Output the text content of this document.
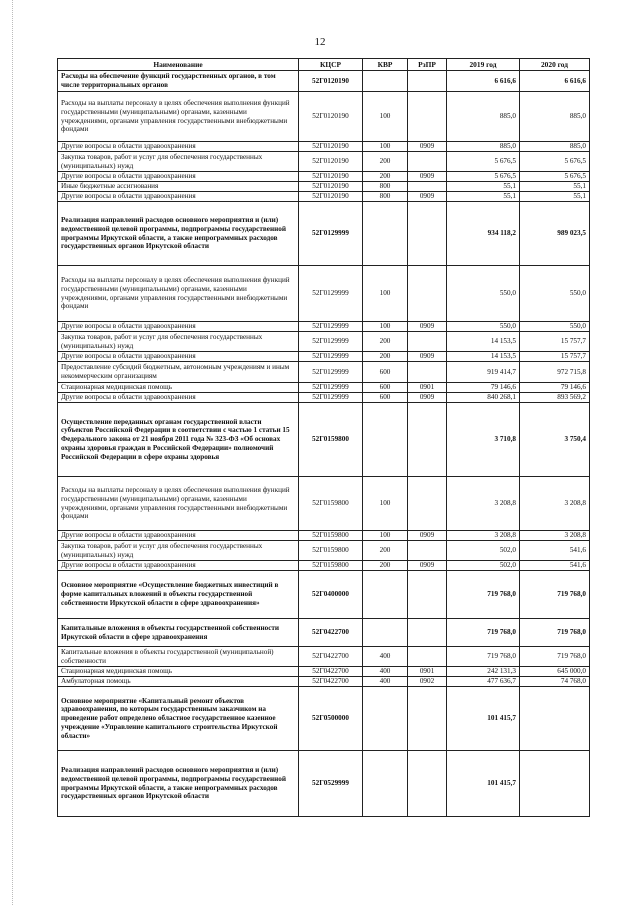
12
Наименование	КЦСР	КВР	РзПР	2019 год	2020 год
Расходы на обеспечение функций государственных органов, в том числе территориальных органов	52Г0120190			6 616,6	6 616,6
Расходы на выплаты персоналу в целях обеспечения выполнения функций государственными (муниципальными) органами, казенными учреждениями, органами управления государственными внебюджетными фондами	52Г0120190	100		885,0	885,0
Другие вопросы в области здравоохранения	52Г0120190	100	0909	885,0	885,0
Закупка товаров, работ и услуг для обеспечения государственных (муниципальных) нужд	52Г0120190	200		5 676,5	5 676,5
Другие вопросы в области здравоохранения	52Г0120190	200	0909	5 676,5	5 676,5
Иные бюджетные ассигнования	52Г0120190	800		55,1	55,1
Другие вопросы в области здравоохранения	52Г0120190	800	0909	55,1	55,1
Реализация направлений расходов основного мероприятия и (или) ведомственной целевой программы, подпрограммы государственной программы Иркутской области, а также непрограммных расходов государственных органов Иркутской области	52Г0129999			934 118,2	989 023,5
Расходы на выплаты персоналу в целях обеспечения выполнения функций государственными (муниципальными) органами, казенными учреждениями, органами управления государственными внебюджетными фондами	52Г0129999	100		550,0	550,0
Другие вопросы в области здравоохранения	52Г0129999	100	0909	550,0	550,0
Закупка товаров, работ и услуг для обеспечения государственных (муниципальных) нужд	52Г0129999	200		14 153,5	15 757,7
Другие вопросы в области здравоохранения	52Г0129999	200	0909	14 153,5	15 757,7
Предоставление субсидий бюджетным, автономным учреждениям и иным некоммерческим организациям	52Г0129999	600		919 414,7	972 715,8
Стационарная медицинская помощь	52Г0129999	600	0901	79 146,6	79 146,6
Другие вопросы в области здравоохранения	52Г0129999	600	0909	840 268,1	893 569,2
Осуществление переданных органам государственной власти субъектов Российской Федерации в соответствии с частью 1 статьи 15 Федерального закона от 21 ноября 2011 года № 323-ФЗ «Об основах охраны здоровья граждан в Российской Федерации» полномочий Российской Федерации в сфере охраны здоровья	52Г0159800			3 710,8	3 750,4
Расходы на выплаты персоналу в целях обеспечения выполнения функций государственными (муниципальными) органами, казенными учреждениями, органами управления государственными внебюджетными фондами	52Г0159800	100		3 208,8	3 208,8
Другие вопросы в области здравоохранения	52Г0159800	100	0909	3 208,8	3 208,8
Закупка товаров, работ и услуг для обеспечения государственных (муниципальных) нужд	52Г0159800	200		502,0	541,6
Другие вопросы в области здравоохранения	52Г0159800	200	0909	502,0	541,6
Основное мероприятие «Осуществление бюджетных инвестиций в форме капитальных вложений в объекты государственной собственности Иркутской области в сфере здравоохранения»	52Г0400000			719 768,0	719 768,0
Капитальные вложения в объекты государственной собственности Иркутской области в сфере здравоохранения	52Г0422700			719 768,0	719 768,0
Капитальные вложения в объекты государственной (муниципальной) собственности	52Г0422700	400		719 768,0	719 768,0
Стационарная медицинская помощь	52Г0422700	400	0901	242 131,3	645 000,0
Амбулаторная помощь	52Г0422700	400	0902	477 636,7	74 768,0
Основное мероприятие «Капитальный ремонт объектов здравоохранения, по которым государственным заказчиком на проведение работ определено областное государственное казенное учреждение «Управление капитального строительства Иркутской области»	52Г0500000			101 415,7	
Реализация направлений расходов основного мероприятия и (или) ведомственной целевой программы, подпрограммы государственной программы Иркутской области, а также непрограммных расходов государственных органов Иркутской области	52Г0529999			101 415,7	
